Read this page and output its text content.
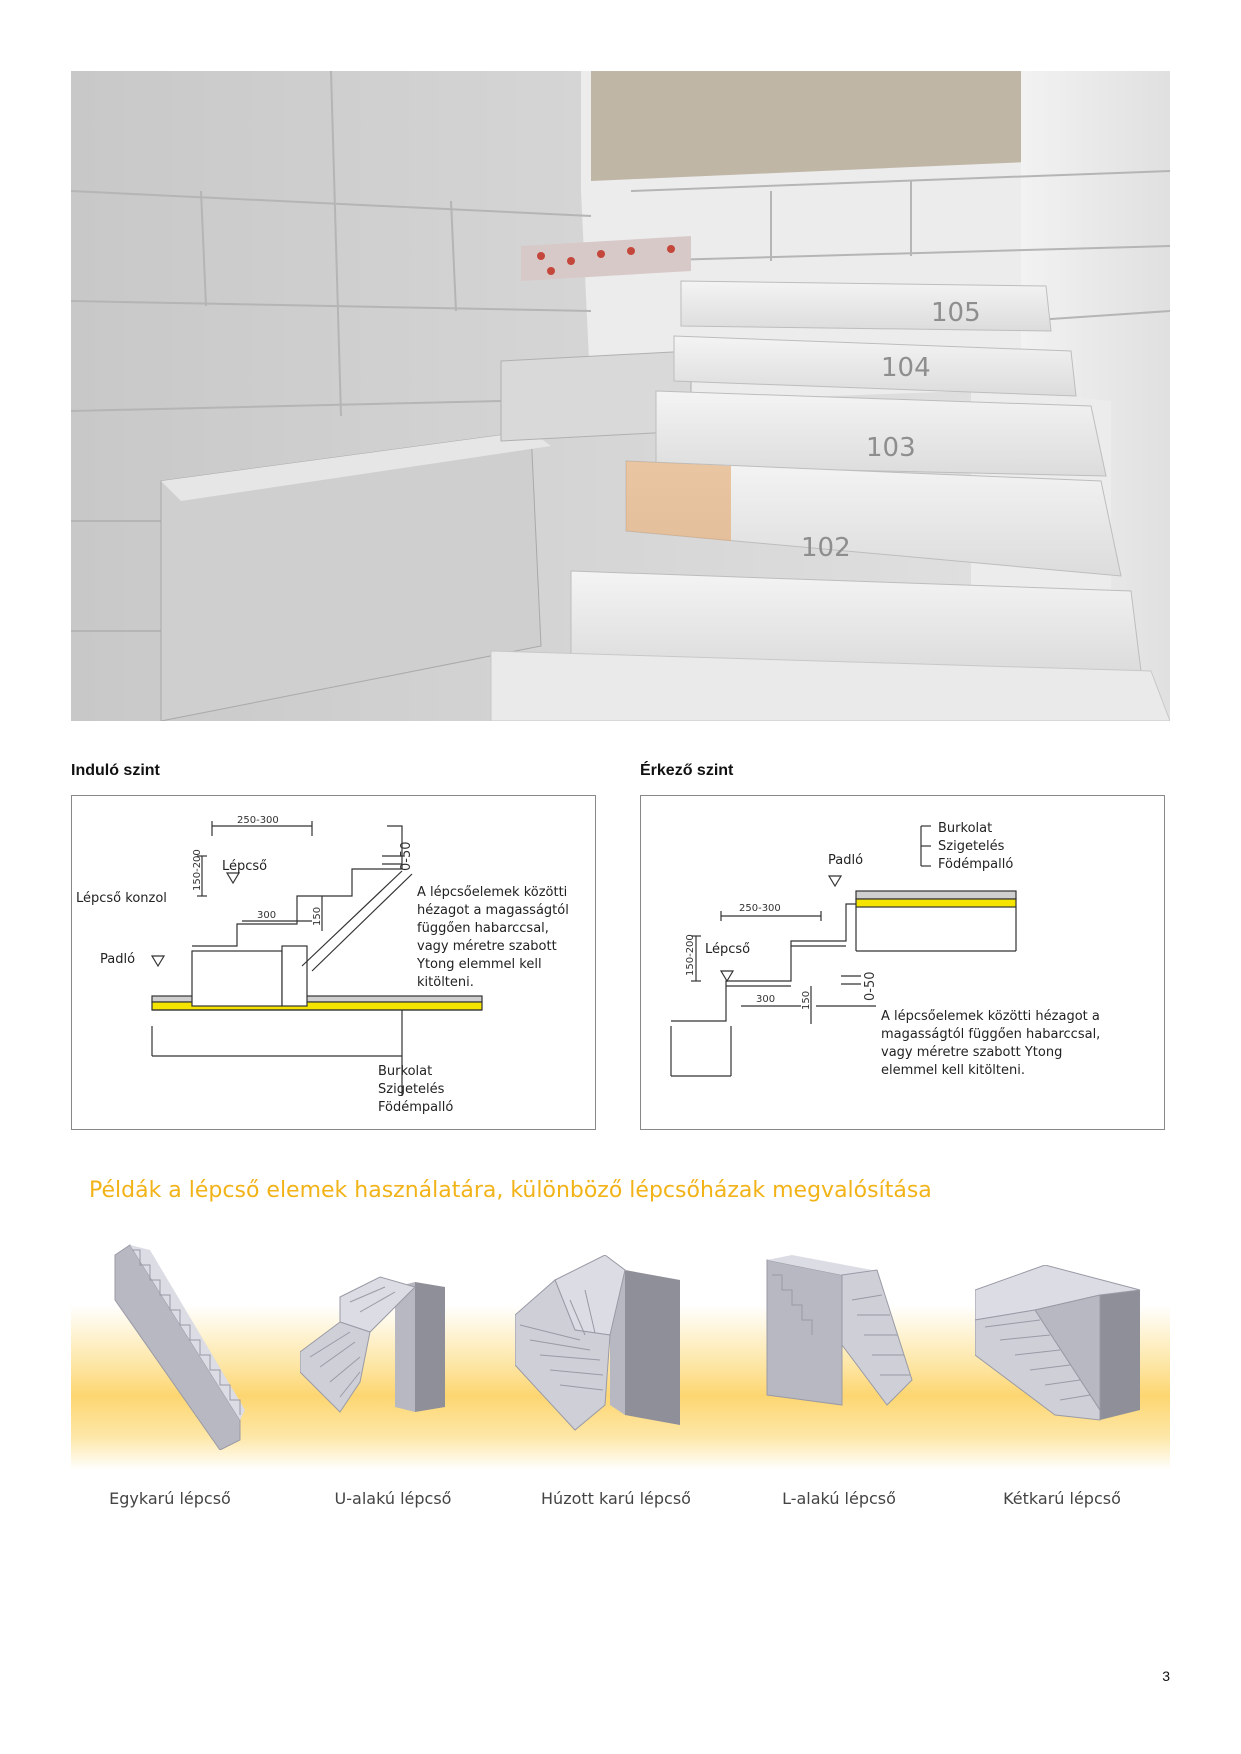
105
104
103
102
Induló szint
250-300
150-200
300	150
0-50
Lépcső
Lépcső konzol
Padló
A lépcsőelemek közötti
hézagot a magasságtól
függően habarccsal,
vagy méretre szabott
Ytong elemmel kell
kitölteni.
Burkolat
Szigetelés
Födémpalló
Érkező szint
250-300
150-200
300	150	0-50
Burkolat
Szigetelés
Födémpalló
Padló
Lépcső
A lépcsőelemek közötti hézagot a
magasságtól függően habarccsal,
vagy méretre szabott Ytong
elemmel kell kitölteni.
Példák a lépcső elemek használatára, különböző lépcsőházak megvalósítása
Egykarú lépcső	U-alakú lépcső	Húzott karú lépcső	L-alakú lépcső	Kétkarú lépcső
3
